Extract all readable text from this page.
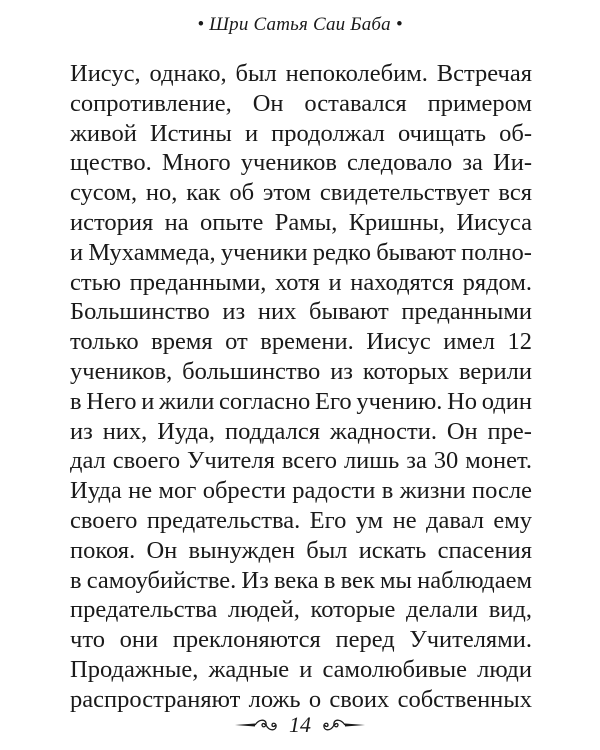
• Шри Сатья Саи Баба •
Иисус, однако, был непоколебим. Встречая
сопротивление, Он оставался примером
живой Истины и продолжал очищать об-
щество. Много учеников следовало за Ии-
сусом, но, как об этом свидетельствует вся
история на опыте Рамы, Кришны, Иисуса
и Мухаммеда, ученики редко бывают полно-
стью преданными, хотя и находятся рядом.
Большинство из них бывают преданными
только время от времени. Иисус имел 12
учеников, большинство из которых верили
в Него и жили согласно Его учению. Но один
из них, Иуда, поддался жадности. Он пре-
дал своего Учителя всего лишь за 30 монет.
Иуда не мог обрести радости в жизни после
своего предательства. Его ум не давал ему
покоя. Он вынужден был искать спасения
в самоубийстве. Из века в век мы наблюдаем
предательства людей, которые делали вид,
что они преклоняются перед Учителями.
Продажные, жадные и самолюбивые люди
распространяют ложь о своих собственных
14
